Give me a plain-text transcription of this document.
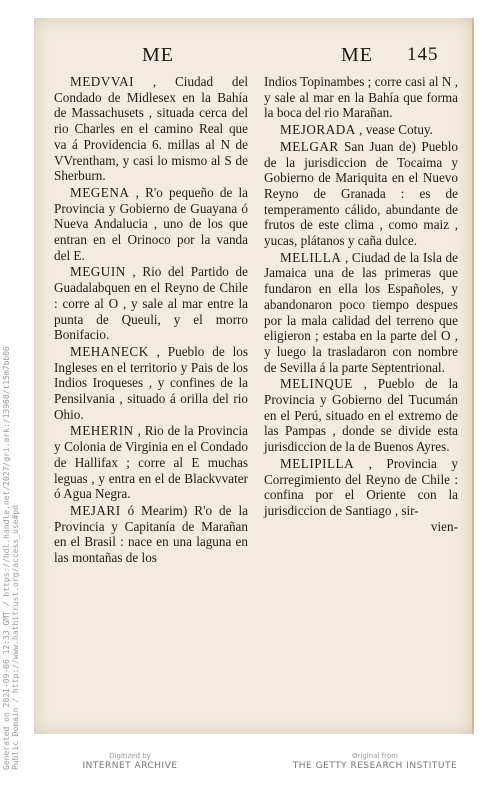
Generated on 2021-09-06 12:33 GMT / https://hdl.handle.net/2027/gri.ark:/13960/t15m7bb06
Public Domain / http://www.hathitrust.org/access_use#pd
ME	ME 145

MEDVVAI , Ciudad del Condado de Midlesex en la Bahía de Massachusets , situada cerca del rio Charles en el camino Real que va á Providencia 6. millas al N de VVrentham, y casi lo mismo al S de Sherburn.

MEGENA , R'o pequeño de la Provincia y Gobierno de Guayana ó Nueva Andalucia , uno de los que entran en el Orinoco por la vanda del E.

MEGUIN , Rio del Partido de Guadalabquen en el Reyno de Chile : corre al O , y sale al mar entre la punta de Queuli, y el morro Bonifacio.

MEHANECK , Pueblo de los Ingleses en el territorio y Pais de los Indios Iroqueses , y confines de la Pensilvania , situado á orilla del rio Ohio.

MEHERIN , Rio de la Provincia y Colonia de Virginia en el Condado de Hallifax ; corre al E muchas leguas , y entra en el de Blackvvater ó Agua Negra.

MEJARI ó Mearim) R'o de la Provincia y Capitanía de Marañan en el Brasil : nace en una laguna en las montañas de los

Indios Topinambes ; corre casi al N , y sale al mar en la Bahía que forma la boca del rio Marañan.

MEJORADA , vease Cotuy.

MELGAR San Juan de) Pueblo de la jurisdiccion de Tocaima y Gobierno de Mariquita en el Nuevo Reyno de Granada : es de temperamento cálido, abundante de frutos de este clima , como maiz , yucas, plátanos y caña dulce.

MELILLA , Ciudad de la Isla de Jamaica una de las primeras que fundaron en ella los Españoles, y abandonaron poco tiempo despues por la mala calidad del terreno que eligieron ; estaba en la parte del O , y luego la trasladaron con nombre de Sevilla á la parte Septentrional.

MELINQUE , Pueblo de la Provincia y Gobierno del Tucumán en el Perú, situado en el extremo de las Pampas , donde se divide esta jurisdiccion de la de Buenos Ayres.

MELIPILLA , Provincia y Corregimiento del Reyno de Chile : confina por el Oriente con la jurisdiccion de Santiago , sir-

vien-

Digitized by
INTERNET ARCHIVE
Original from
THE GETTY RESEARCH INSTITUTE
